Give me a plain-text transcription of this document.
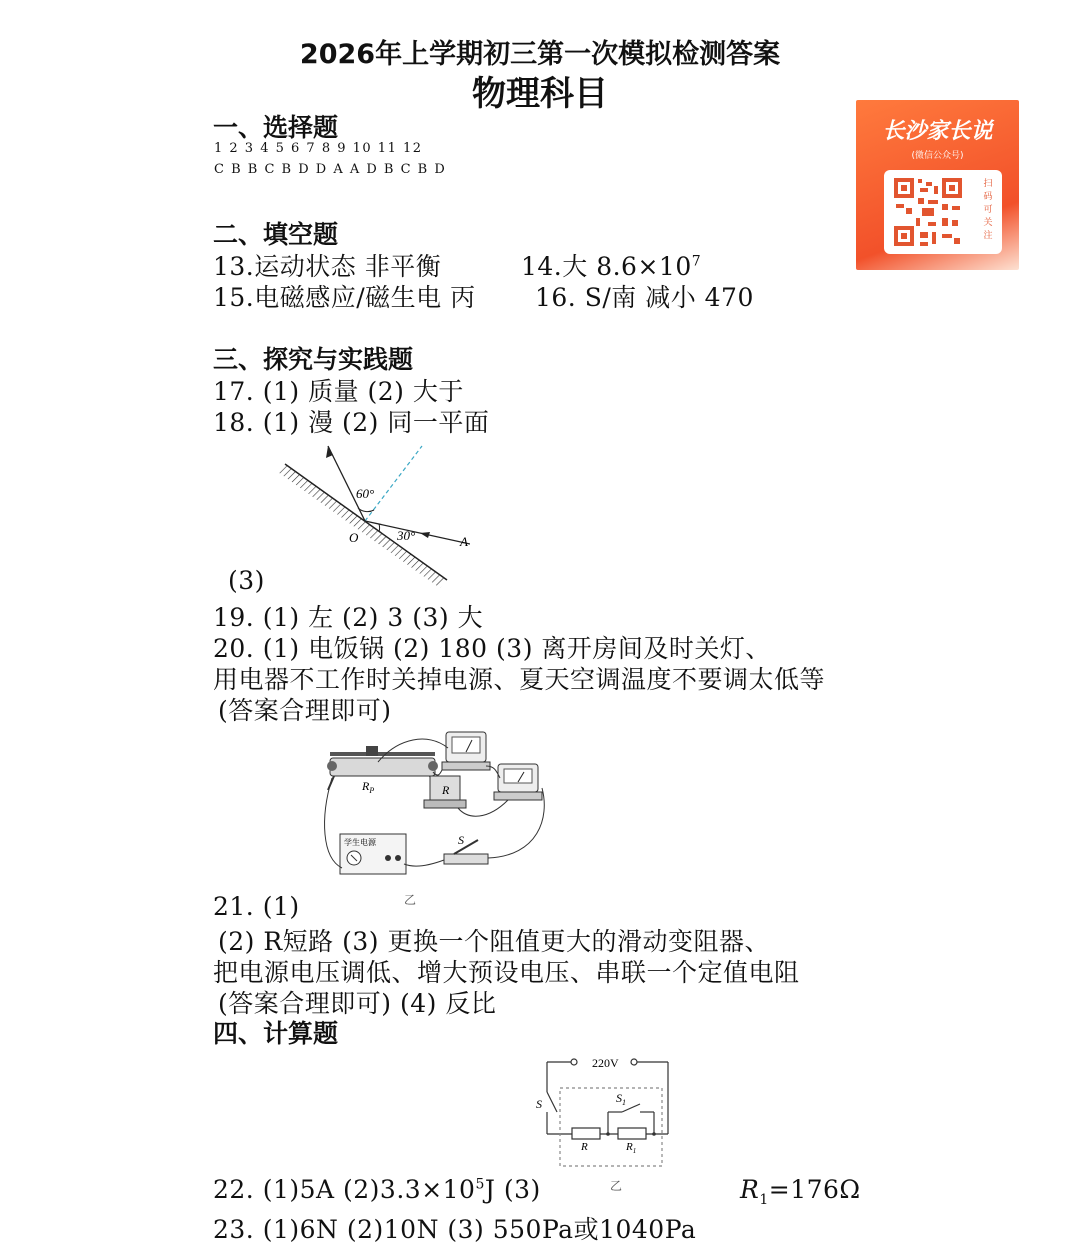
2026年上学期初三第一次模拟检测答案
物理科目
长沙家长说
(微信公众号)
扫
码
可
关
注
一、选择题
1 2 3 4 5 6 7 8 9 10 11 12
C B B C B D D A A D B C B D
二、填空题
13.运动状态 非平衡	14.大 $8.6\times 10^7$
15.电磁感应/磁生电 丙 16. S/南 减小 470
三、探究与实践题
17. (1) 质量 (2) 大于
18. (1) 漫 (2) 同一平面
60°
30°
O	A
(3)
19. (1) 左 (2) 3 (3) 大
20. (1) 电饭锅 (2) 180 (3) 离开房间及时关灯、
用电器不工作时关掉电源、夏天空调温度不要调太低等
(答案合理即可)
$R_P$	R
学生电源	S
乙
21. (1)
(2) R短路 (3) 更换一个阻值更大的滑动变阻器、
把电源电压调低、增大预设电压、串联一个定值电阻
(答案合理即可) (4) 反比
四、计算题
220V
S	$S_1$
R	$R_1$
乙
22. (1)5A $(2)3.3\times 10^5J$ (3)	$R_1=176\Omega$
23. (1)6N (2)10N (3) 550Pa或1040Pa
